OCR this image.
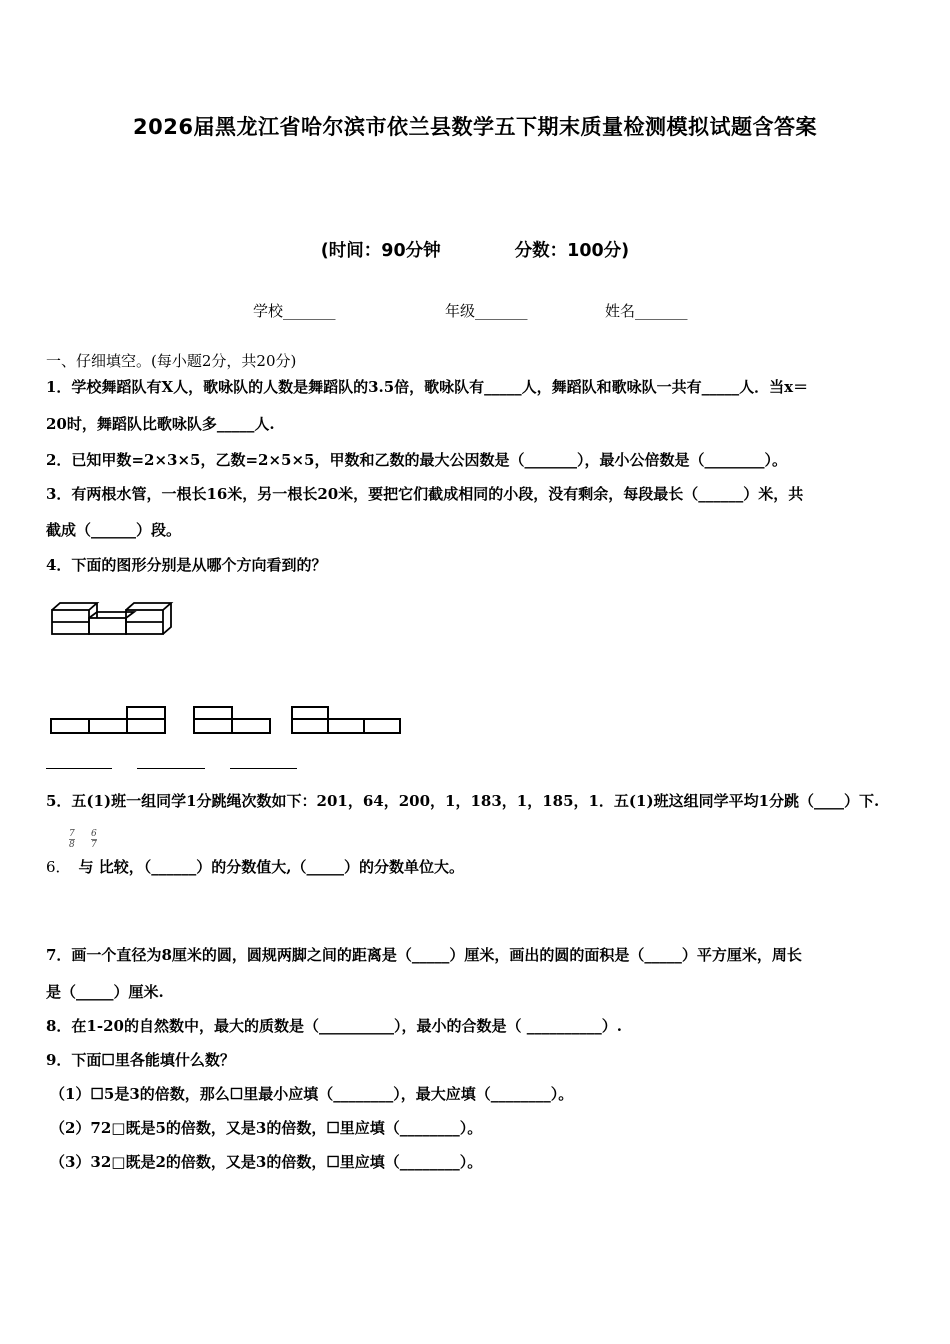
2026届黑龙江省哈尔滨市依兰县数学五下期末质量检测模拟试题含答案
(时间：90分钟	分数：100分)
学校_______	年级_______	姓名_______
一、仔细填空。(每小题2分，共20分)
1．学校舞蹈队有X人，歌咏队的人数是舞蹈队的3.5倍，歌咏队有_____人，舞蹈队和歌咏队一共有_____人．当x＝
20时，舞蹈队比歌咏队多_____人.
2．已知甲数=2×3×5，乙数=2×5×5，甲数和乙数的最大公因数是（_______），最小公倍数是（________）。
3．有两根水管，一根长16米，另一根长20米，要把它们截成相同的小段，没有剩余，每段最长（______）米，共
截成（______）段。
4．下面的图形分别是从哪个方向看到的？
5．五(1)班一组同学1分跳绳次数如下：201，64，200，1，183，1，185，1．五(1)班这组同学平均1分跳（____）下.
$\frac{7}{8} \frac{6}{7}$
6． 与 比较，（______）的分数值大,（_____）的分数单位大。
7．画一个直径为8厘米的圆，圆规两脚之间的距离是（_____）厘米，画出的圆的面积是（_____）平方厘米，周长
是（_____）厘米.
8．在1-20的自然数中，最大的质数是（__________），最小的合数是（ __________）.
9．下面☐里各能填什么数？
（1）☐5是3的倍数，那么☐里最小应填（________），最大应填（________）。
（2）72□既是5的倍数，又是3的倍数，☐里应填（________）。
（3）32□既是2的倍数，又是3的倍数，☐里应填（________）。
